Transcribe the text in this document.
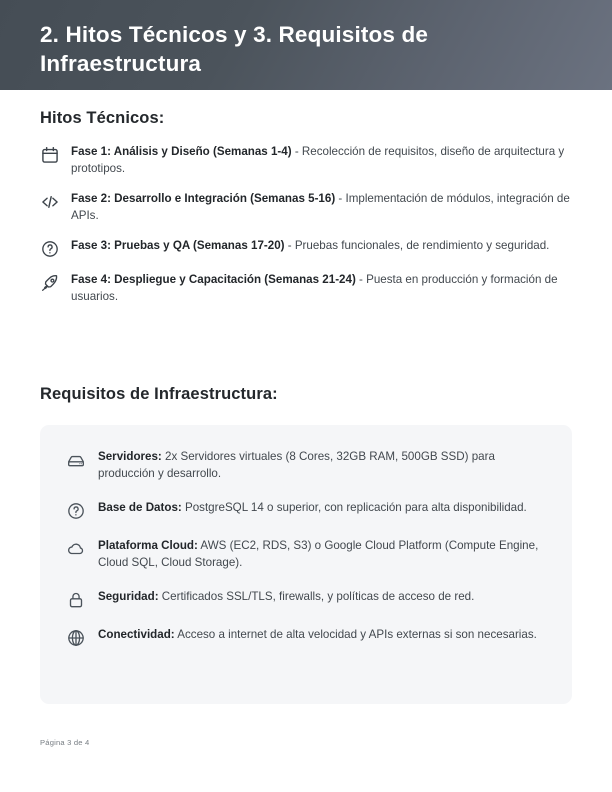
2. Hitos Técnicos y 3. Requisitos de Infraestructura
Hitos Técnicos:
Fase 1: Análisis y Diseño (Semanas 1-4) - Recolección de requisitos, diseño de arquitectura y prototipos.
Fase 2: Desarrollo e Integración (Semanas 5-16) - Implementación de módulos, integración de APIs.
Fase 3: Pruebas y QA (Semanas 17-20) - Pruebas funcionales, de rendimiento y seguridad.
Fase 4: Despliegue y Capacitación (Semanas 21-24) - Puesta en producción y formación de usuarios.
Requisitos de Infraestructura:
Servidores: 2x Servidores virtuales (8 Cores, 32GB RAM, 500GB SSD) para producción y desarrollo.
Base de Datos: PostgreSQL 14 o superior, con replicación para alta disponibilidad.
Plataforma Cloud: AWS (EC2, RDS, S3) o Google Cloud Platform (Compute Engine, Cloud SQL, Cloud Storage).
Seguridad: Certificados SSL/TLS, firewalls, y políticas de acceso de red.
Conectividad: Acceso a internet de alta velocidad y APIs externas si son necesarias.
Página 3 de 4
